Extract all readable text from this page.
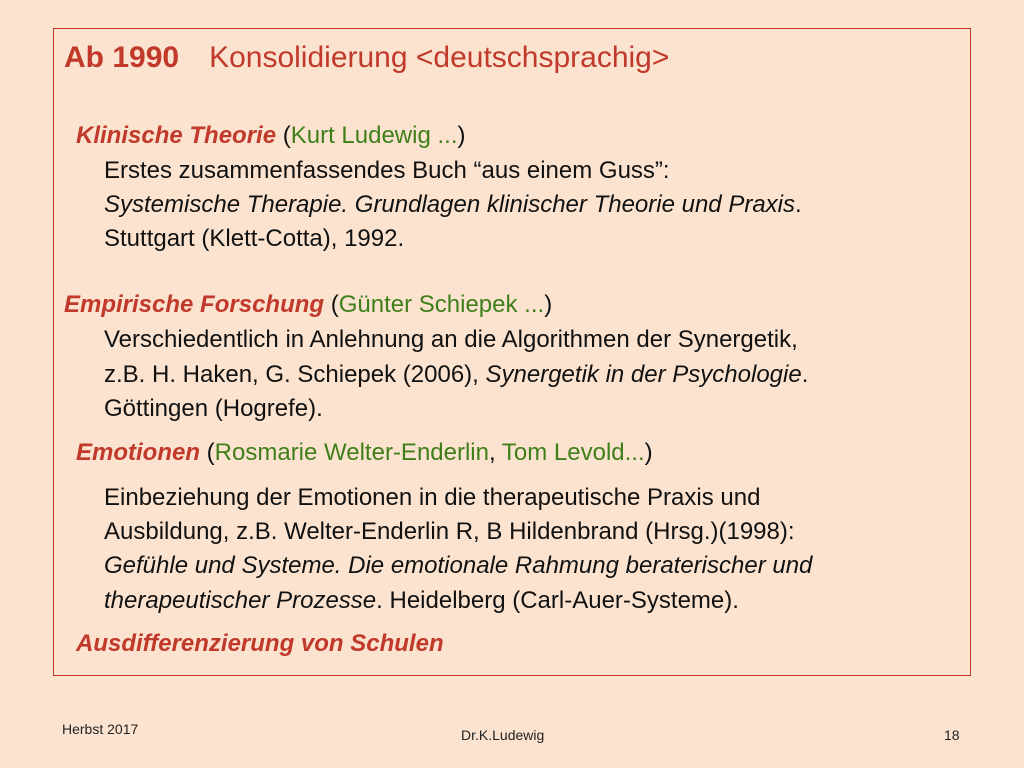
Ab 1990 Konsolidierung <deutschsprachig>
Klinische Theorie (Kurt Ludewig ...)
Erstes zusammenfassendes Buch “aus einem Guss”:
Systemische Therapie. Grundlagen klinischer Theorie und Praxis.
Stuttgart (Klett-Cotta), 1992.
Empirische Forschung (Günter Schiepek ...)
Verschiedentlich in Anlehnung an die Algorithmen der Synergetik,
z.B. H. Haken, G. Schiepek (2006), Synergetik in der Psychologie.
Göttingen (Hogrefe).
Emotionen (Rosmarie Welter-Enderlin, Tom Levold...)
Einbeziehung der Emotionen in die therapeutische Praxis und
Ausbildung, z.B. Welter-Enderlin R, B Hildenbrand (Hrsg.)(1998):
Gefühle und Systeme. Die emotionale Rahmung beraterischer und
therapeutischer Prozesse. Heidelberg (Carl-Auer-Systeme).
Ausdifferenzierung von Schulen
Herbst 2017	Dr.K.Ludewig	18
